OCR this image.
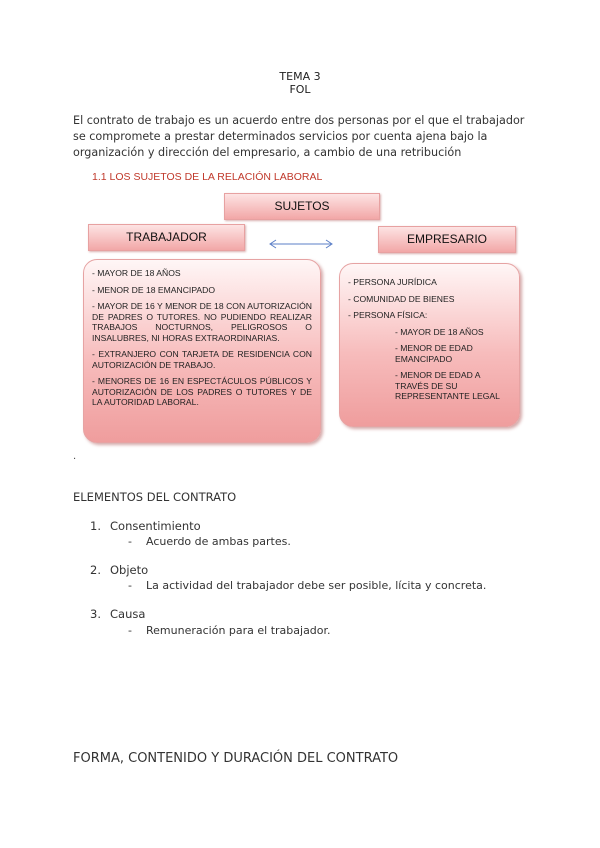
TEMA 3
FOL
El contrato de trabajo es un acuerdo entre dos personas por el que el trabajador se compromete a prestar determinados servicios por cuenta ajena bajo la organización y dirección del empresario, a cambio de una retribución
1.1 LOS SUJETOS DE LA RELACIÓN LABORAL
SUJETOS
TRABAJADOR	EMPRESARIO
- MAYOR DE 18 AÑOS
- MENOR DE 18 EMANCIPADO
- MAYOR DE 16 Y MENOR DE 18 CON AUTORIZACIÓN DE PADRES O TUTORES. NO PUDIENDO REALIZAR TRABAJOS NOCTURNOS, PELIGROSOS O INSALUBRES, NI HORAS EXTRAORDINARIAS.
- EXTRANJERO CON TARJETA DE RESIDENCIA CON AUTORIZACIÓN DE TRABAJO.
- MENORES DE 16 EN ESPECTÁCULOS PÚBLICOS Y AUTORIZACIÓN DE LOS PADRES O TUTORES Y DE LA AUTORIDAD LABORAL.
- PERSONA JURÍDICA
- COMUNIDAD DE BIENES
- PERSONA FÍSICA:
- MAYOR DE 18 AÑOS
- MENOR DE EDAD EMANCIPADO
- MENOR DE EDAD A TRAVÉS DE SU REPRESENTANTE LEGAL
.
ELEMENTOS DEL CONTRATO
1. Consentimiento
- Acuerdo de ambas partes.
2. Objeto
- La actividad del trabajador debe ser posible, lícita y concreta.
3. Causa
- Remuneración para el trabajador.
FORMA, CONTENIDO Y DURACIÓN DEL CONTRATO
